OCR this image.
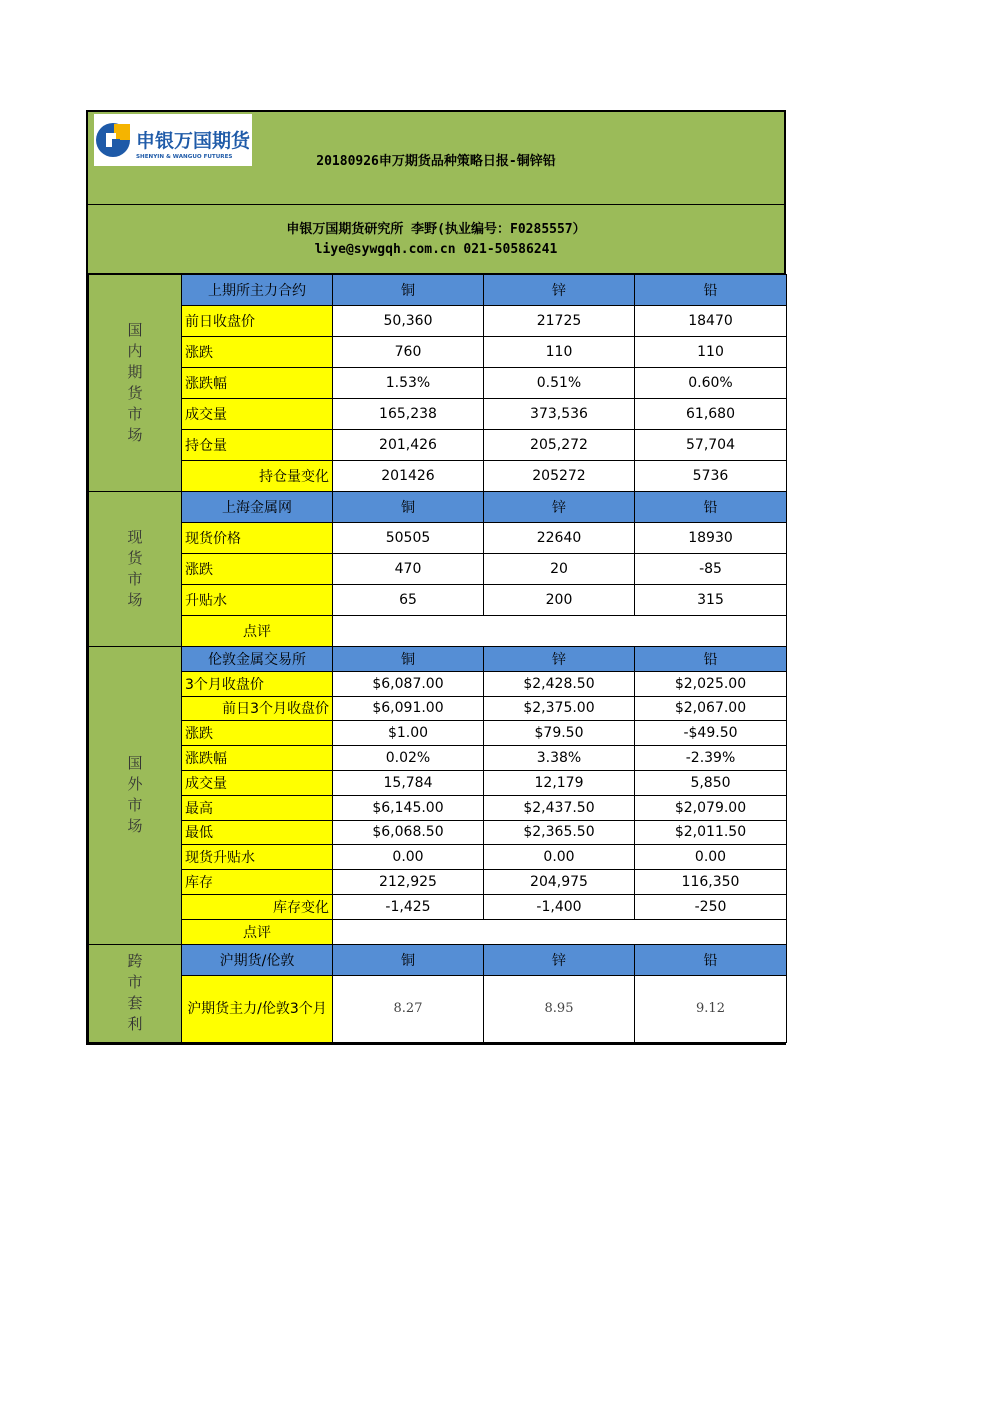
申银万国期货
SHENYIN & WANGUO FUTURES	20180926申万期货品种策略日报-铜锌铅
申银万国期货研究所 李野(执业编号：F0285557）
liye@sywgqh.com.cn 021-50586241
国内期货市场	上期所主力合约	铜	锌	铅
	前日收盘价	50,360	21725	18470
	涨跌	760	110	110
	涨跌幅	1.53%	0.51%	0.60%
	成交量	165,238	373,536	61,680
	持仓量	201,426	205,272	57,704
	持仓量变化	201426	205272	5736
现货市场	上海金属网	铜	锌	铅
	现货价格	50505	22640	18930
	涨跌	470	20	-85
	升贴水	65	200	315
	点评			
国外市场	伦敦金属交易所	铜	锌	铅
	3个月收盘价	$6,087.00	$2,428.50	$2,025.00
	前日3个月收盘价	$6,091.00	$2,375.00	$2,067.00
	涨跌	$1.00	$79.50	-$49.50
	涨跌幅	0.02%	3.38%	-2.39%
	成交量	15,784	12,179	5,850
	最高	$6,145.00	$2,437.50	$2,079.00
	最低	$6,068.50	$2,365.50	$2,011.50
	现货升贴水	0.00	0.00	0.00
	库存	212,925	204,975	116,350
	库存变化	-1,425	-1,400	-250
	点评			
跨市套利	沪期货/伦敦	铜	锌	铅
	沪期货主力/伦敦3个月	8.27	8.95	9.12
